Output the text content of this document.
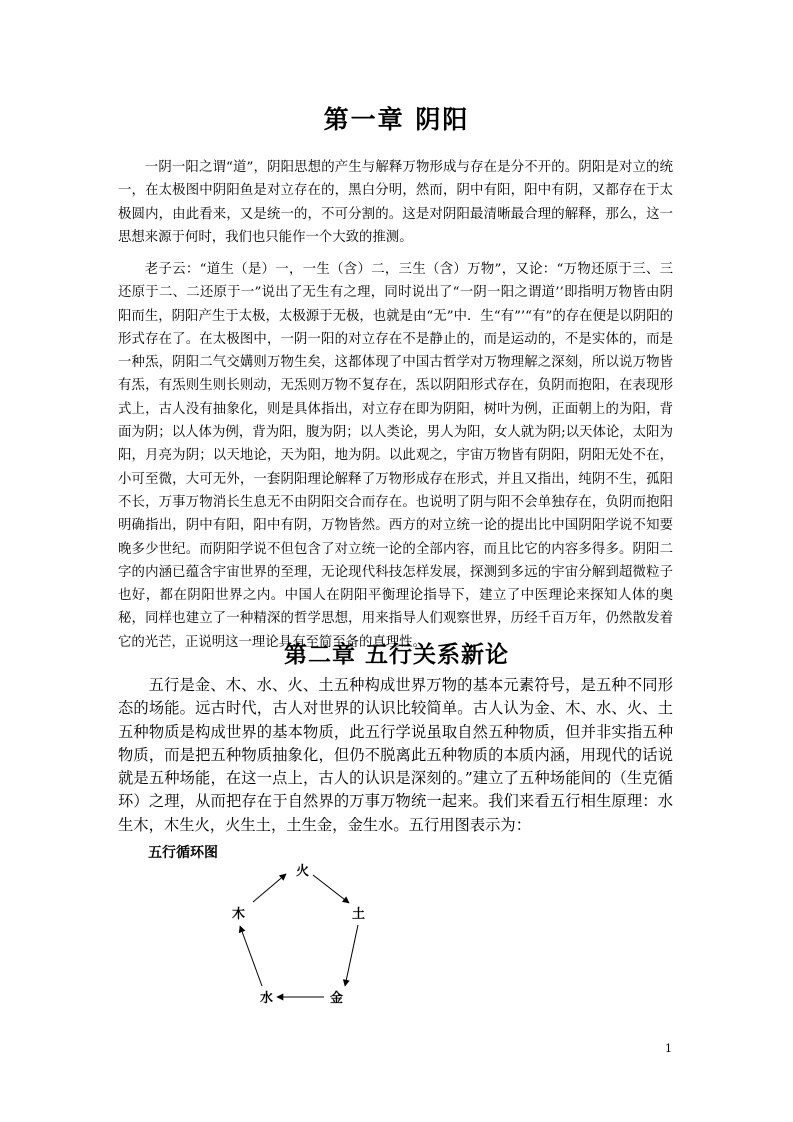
第一章 阴阳

一阴一阳之谓“道”，阴阳思想的产生与解释万物形成与存在是分不开的。阴阳是对立的统一，在太极图中阴阳鱼是对立存在的，黑白分明，然而，阴中有阳，阳中有阴，又都存在于太极圆内，由此看来，又是统一的，不可分割的。这是对阴阳最清晰最合理的解释，那么，这一思想来源于何时，我们也只能作一个大致的推测。

老子云：“道生（是）一，一生（含）二，三生（含）万物”，又论：“万物还原于三、三还原于二、二还原于一”说出了无生有之理，同时说出了“一阴一阳之谓道’’即指明万物皆由阴阳而生，阴阳产生于太极，太极源于无极，也就是由“无”中．生“有”’“有”的存在便是以阴阳的形式存在了。在太极图中，一阴一阳的对立存在不是静止的，而是运动的，不是实体的，而是一种炁，阴阳二气交媾则万物生矣，这都体现了中国古哲学对万物理解之深刻，所以说万物皆有炁，有炁则生则长则动，无炁则万物不复存在，炁以阴阳形式存在，负阴而抱阳，在表现形式上，古人没有抽象化，则是具体指出，对立存在即为阴阳，树叶为例，正面朝上的为阳，背面为阴；以人体为例，背为阳，腹为阴；以人类论，男人为阳，女人就为阴;以天体论，太阳为阳，月亮为阴；以天地论，天为阳，地为阴。以此观之，宇宙万物皆有阴阳，阴阳无处不在，小可至微，大可无外，一套阴阳理论解释了万物形成存在形式，并且又指出，纯阴不生，孤阳不长，万事万物消长生息无不由阴阳交合而存在。也说明了阴与阳不会单独存在，负阴而抱阳明确指出，阴中有阳，阳中有阴，万物皆然。西方的对立统一论的提出比中国阴阳学说不知要晚多少世纪。而阴阳学说不但包含了对立统一论的全部内容，而且比它的内容多得多。阴阳二字的内涵已蕴含宇宙世界的至理，无论现代科技怎样发展，探测到多远的宇宙分解到超微粒子也好，都在阴阳世界之内。中国人在阴阳平衡理论指导下，建立了中医理论来探知人体的奥秘，同样也建立了一种精深的哲学思想，用来指导人们观察世界，历经千百万年，仍然散发着它的光芒，正说明这一理论具有至简至备的真理性。

第二章 五行关系新论

五行是金、木、水、火、土五种构成世界万物的基本元素符号，是五种不同形态的场能。远古时代，古人对世界的认识比较简单。古人认为金、木、水、火、土五种物质是构成世界的基本物质，此五行学说虽取自然五种物质，但并非实指五种物质，而是把五种物质抽象化，但仍不脱离此五种物质的本质内涵，用现代的话说就是五种场能，在这一点上，古人的认识是深刻的。”建立了五种场能间的（生克循环）之理，从而把存在于自然界的万事万物统一起来。我们来看五行相生原理：水生木，木生火，火生土，土生金，金生水。五行用图表示为：

五行循环图
火
土
金
水
木
1
